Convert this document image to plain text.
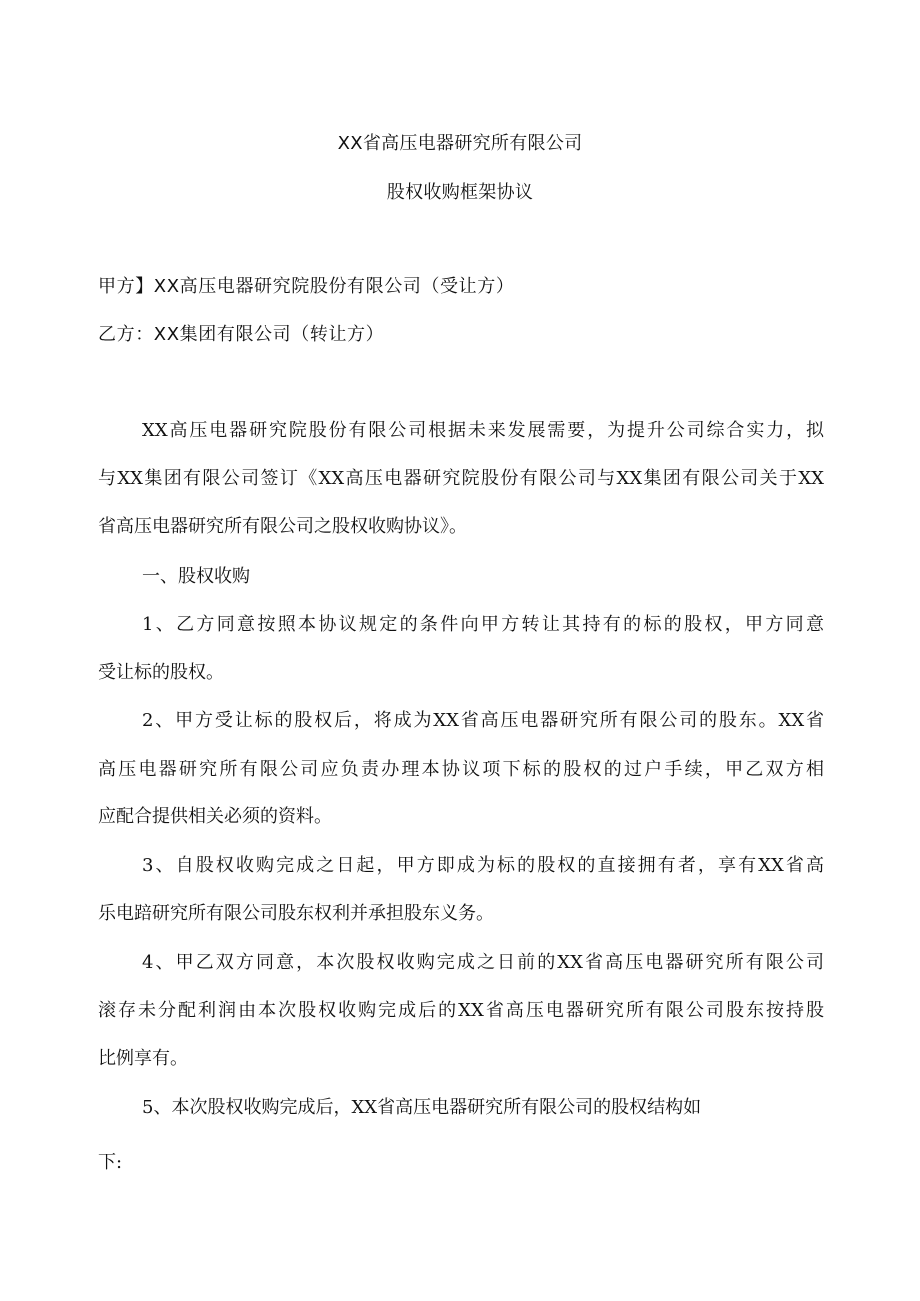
XX省高压电器研究所有限公司
股权收购框架协议
甲方】XX高压电器研究院股份有限公司（受让方）
乙方：XX集团有限公司（转让方）
XX高压电器研究院股份有限公司根据未来发展需要，为提升公司综合实力，拟
与XX集团有限公司签订《XX高压电器研究院股份有限公司与XX集团有限公司关于XX
省高压电器研究所有限公司之股权收购协议》。
一、股权收购
1、乙方同意按照本协议规定的条件向甲方转让其持有的标的股权，甲方同意
受让标的股权。
2、甲方受让标的股权后，将成为XX省高压电器研究所有限公司的股东。XX省
高压电器研究所有限公司应负责办理本协议项下标的股权的过户手续，甲乙双方相
应配合提供相关必须的资料。
3、自股权收购完成之日起，甲方即成为标的股权的直接拥有者，享有XX省高
乐电踣研究所有限公司股东权利并承担股东义务。
4、甲乙双方同意，本次股权收购完成之日前的XX省高压电器研究所有限公司
滚存未分配利润由本次股权收购完成后的XX省高压电器研究所有限公司股东按持股
比例享有。
5、本次股权收购完成后，XX省高压电器研究所有限公司的股权结构如
下:
